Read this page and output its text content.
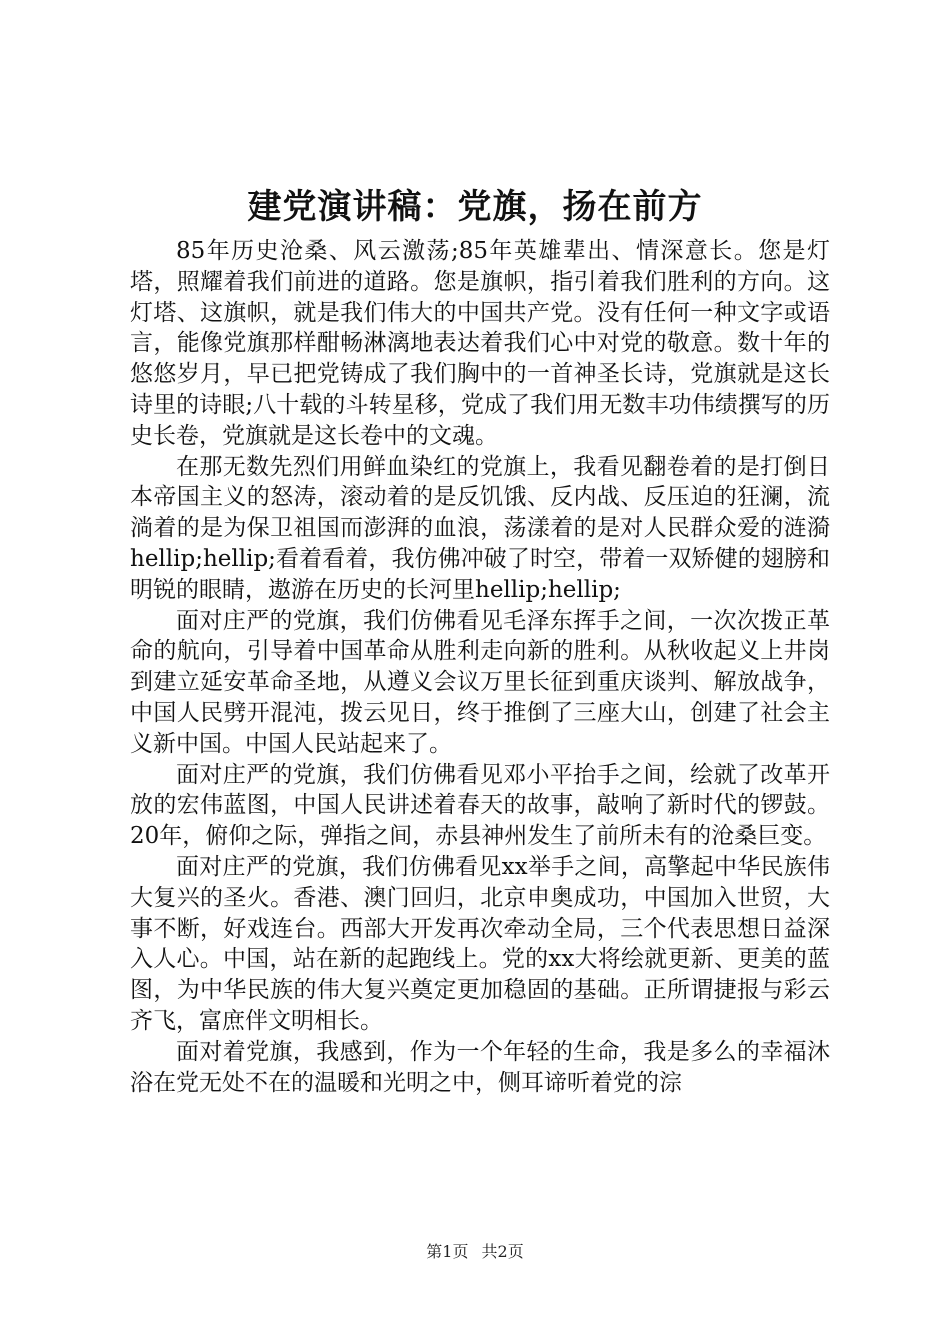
建党演讲稿：党旗，扬在前方

85年历史沧桑、风云激荡;85年英雄辈出、情深意长。您是灯塔，照耀着我们前进的道路。您是旗帜，指引着我们胜利的方向。这灯塔、这旗帜，就是我们伟大的中国共产党。没有任何一种文字或语言，能像党旗那样酣畅淋漓地表达着我们心中对党的敬意。数十年的悠悠岁月，早已把党铸成了我们胸中的一首神圣长诗，党旗就是这长诗里的诗眼;八十载的斗转星移，党成了我们用无数丰功伟绩撰写的历史长卷，党旗就是这长卷中的文魂。

在那无数先烈们用鲜血染红的党旗上，我看见翻卷着的是打倒日本帝国主义的怒涛，滚动着的是反饥饿、反内战、反压迫的狂澜，流淌着的是为保卫祖国而澎湃的血浪，荡漾着的是对人民群众爱的涟漪hellip;hellip;看着看着，我仿佛冲破了时空，带着一双矫健的翅膀和明锐的眼睛，遨游在历史的长河里hellip;hellip;

面对庄严的党旗，我们仿佛看见毛泽东挥手之间，一次次拨正革命的航向，引导着中国革命从胜利走向新的胜利。从秋收起义上井岗到建立延安革命圣地，从遵义会议万里长征到重庆谈判、解放战争，中国人民劈开混沌，拨云见日，终于推倒了三座大山，创建了社会主义新中国。中国人民站起来了。

面对庄严的党旗，我们仿佛看见邓小平抬手之间，绘就了改革开放的宏伟蓝图，中国人民讲述着春天的故事，敲响了新时代的锣鼓。20年，俯仰之际，弹指之间，赤县神州发生了前所未有的沧桑巨变。

面对庄严的党旗，我们仿佛看见xx举手之间，高擎起中华民族伟大复兴的圣火。香港、澳门回归，北京申奥成功，中国加入世贸，大事不断，好戏连台。西部大开发再次牵动全局，三个代表思想日益深入人心。中国，站在新的起跑线上。党的xx大将绘就更新、更美的蓝图，为中华民族的伟大复兴奠定更加稳固的基础。正所谓捷报与彩云齐飞，富庶伴文明相长。

面对着党旗，我感到，作为一个年轻的生命，我是多么的幸福沐浴在党无处不在的温暖和光明之中，侧耳谛听着党的淙

第1页 共2页
